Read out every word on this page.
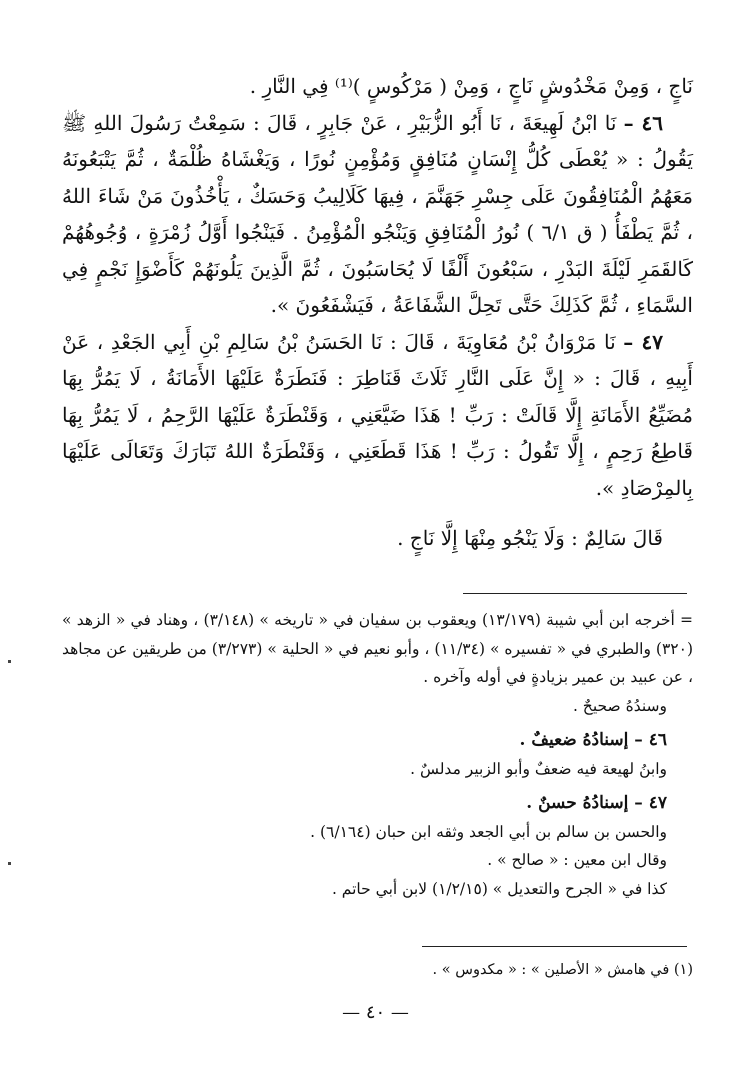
نَاجٍ ، وَمِنْ مَخْدُوشٍ نَاجٍ ، وَمِنْ ( مَرْكُوسٍ )⁽¹⁾ فِي النَّارِ .

٤٦ – نَا ابْنُ لَهِيعَةَ ، نَا أَبُو الزُّبَيْرِ ، عَنْ جَابِرٍ ، قَالَ : سَمِعْتُ رَسُولَ اللهِ ﷺ يَقُولُ : « يُعْطَى كُلُّ إِنْسَانٍ مُنَافِقٍ وَمُؤْمِنٍ نُورًا ، وَيَغْشَاهُ ظُلْمَةٌ ، ثُمَّ يَتْبَعُونَهُ مَعَهُمُ الْمُنَافِقُونَ عَلَى جِسْرِ جَهَنَّمَ ، فِيهَا كَلَالِيبُ وَحَسَكٌ ، يَأْخُذُونَ مَنْ شَاءَ اللهُ ، ثُمَّ يَطْفَأُ ( ق ٦/١ ) نُورُ الْمُنَافِقِ وَيَنْجُو الْمُؤْمِنُ . فَيَنْجُوا أَوَّلُ زُمْرَةٍ ، وُجُوهُهُمْ كَالقَمَرِ لَيْلَةَ البَدْرِ ، سَبْعُونَ أَلْفًا لَا يُحَاسَبُونَ ، ثُمَّ الَّذِينَ يَلُونَهُمْ كَأَضْوَإِ نَجْمٍ فِي السَّمَاءِ ، ثُمَّ كَذَلِكَ حَتَّى تَحِلَّ الشَّفَاعَةُ ، فَيَشْفَعُونَ ».

٤٧ – نَا مَرْوَانُ بْنُ مُعَاوِيَةَ ، قَالَ : نَا الحَسَنُ بْنُ سَالِمِ بْنِ أَبِي الجَعْدِ ، عَنْ أَبِيهِ ، قَالَ : « إِنَّ عَلَى النَّارِ ثَلَاثَ قَنَاطِرَ : فَنَطَرَةٌ عَلَيْهَا الأَمَانَةُ ، لَا يَمُرُّ بِهَا مُضَيِّعُ الأَمَانَةِ إِلَّا قَالَتْ : رَبِّ ! هَذَا ضَيَّعَنِي ، وَقَنْطَرَةٌ عَلَيْهَا الرَّحِمُ ، لَا يَمُرُّ بِهَا قَاطِعُ رَحِمٍ ، إِلَّا تَقُولُ : رَبِّ ! هَذَا قَطَعَنِي ، وَقَنْطَرَةٌ اللهُ تَبَارَكَ وَتَعَالَى عَلَيْهَا بِالمِرْصَادِ ».

قَالَ سَالِمٌ : وَلَا يَنْجُو مِنْهَا إِلَّا نَاجٍ .

= أخرجه ابن أبي شيبة (١٣/١٧٩) ويعقوب بن سفيان في « تاريخه » (٣/١٤٨) ، وهناد في « الزهد » (٣٢٠) والطبري في « تفسيره » (١١/٣٤) ، وأبو نعيم في « الحلية » (٣/٢٧٣) من طريقين عن مجاهد ، عن عبيد بن عمير بزيادةٍ في أوله وآخره .

وسندُهُ صحيحٌ .

٤٦ – إسنادُهُ ضعيفٌ .

وابنُ لهيعة فيه ضعفٌ وأبو الزبير مدلسٌ .

٤٧ – إسنادُهُ حسنٌ .

والحسن بن سالم بن أبي الجعد وثقه ابن حبان (٦/١٦٤) .

وقال ابن معين : « صالح » .

كذا في « الجرح والتعديل » (١/٢/١٥) لابن أبي حاتم .

(١) في هامش « الأصلين » : « مكدوس » .
— ٤٠ —
